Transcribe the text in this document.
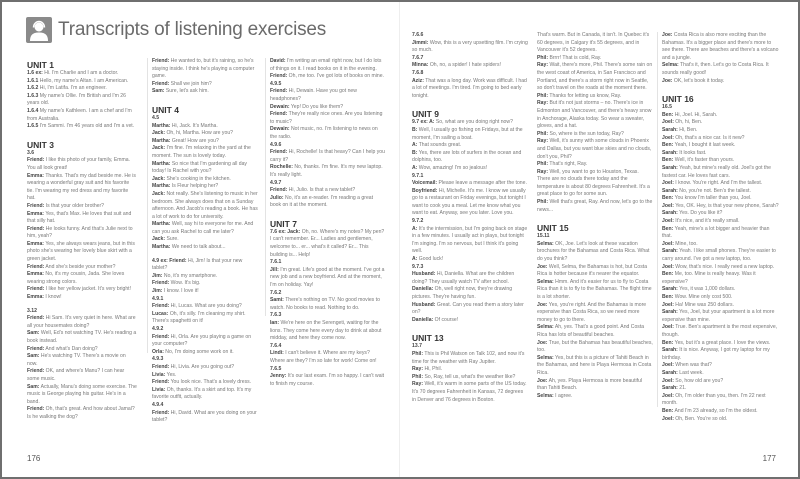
Transcripts of listening exercises
UNIT 1

1.6 ex: Hi. I'm Charlie and I am a doctor.

1.6.1 Hello, my name's Altan. I am American.

1.6.2 Hi, I'm Latifa. I'm an engineer.

1.6.3 My name's Ollie. I'm British and I'm 26 years old.

1.6.4 My name's Kathleen. I am a chef and I'm from Australia.

1.6.5 I'm Sammi. I'm 46 years old and I'm a vet.

UNIT 3

3.6

Friend: I like this photo of your family, Emma. You all look great!

Emma: Thanks. That's my dad beside me. He is wearing a wonderful gray suit and his favorite tie. I'm wearing my red dress and my favorite hat.

Friend: Is that your older brother?

Emma: Yes, that's Max. He loves that suit and that silly hat.

Friend: He looks funny. And that's Julie next to him, yeah?

Emma: Yes, she always wears jeans, but in this photo she's wearing her lovely blue skirt with a green jacket.

Friend: And she's beside your mother?

Emma: No, it's my cousin, Jada. She loves wearing strong colors.

Friend: I like her yellow jacket. It's very bright!

Emma: I know!

3.12

Friend: Hi Sam. It's very quiet in here. What are all your housemates doing?

Sam: Well, Ed's not watching TV. He's reading a book instead.

Friend: And what's Dan doing?

Sam: He's watching TV. There's a movie on now.

Friend: OK, and where's Manu? I can hear some music.

Sam: Actually, Manu's doing some exercise. The music is George playing his guitar. He's in a band.

Friend: Oh, that's great. And how about Jamal? Is he walking the dog?

Friend: He wanted to, but it's raining, so he's staying inside. I think he's playing a computer game.

Friend: Shall we join him?

Sam: Sure, let's ask him.

UNIT 4

4.5

Martha: Hi, Jack. It's Martha.

Jack: Oh, hi, Martha. How are you?

Martha: Great! How are you?

Jack: I'm fine. I'm relaxing in the yard at the moment. The sun is lovely today.

Martha: So nice that I'm gardening all day today! Is Rachel with you?

Jack: She's cooking in the kitchen.

Martha: Is Fleur helping her?

Jack: Not really. She's listening to music in her bedroom. She always does that on a Sunday afternoon. And Jacob's reading a book. He has a lot of work to do for university.

Martha: Well, say hi to everyone for me. And can you ask Rachel to call me later?

Jack: Sure.

Martha: We need to talk about...

4.9 ex: Friend: Hi, Jim! Is that your new tablet?

Jim: No, it's my smartphone.

Friend: Wow. It's big.

Jim: I know. I love it!

4.9.1

Friend: Hi, Lucas. What are you doing?

Lucas: Oh, it's silly. I'm cleaning my shirt. There's spaghetti on it!

4.9.2

Friend: Hi, Orla. Are you playing a game on your computer?

Orla: No, I'm doing some work on it.

4.9.3

Friend: Hi, Livia. Are you going out?

Livia: Yes.

Friend: You look nice. That's a lovely dress.

Livia: Oh, thanks. It's a skirt and top. It's my favorite outfit, actually.

4.9.4

Friend: Hi, David. What are you doing on your tablet?

David: I'm writing an email right now, but I do lots of things on it. I read books on it in the evening.

Friend: Oh, me too. I've got lots of books on mine.

4.9.5

Friend: Hi, Dewain. Have you got new headphones?

Dewain: Yep! Do you like them?

Friend: They're really nice ones. Are you listening to music?

Dewain: Not music, no. I'm listening to news on the radio.

4.9.6

Friend: Hi, Rochelle! Is that heavy? Can I help you carry it?

Rochelle: No, thanks. I'm fine. It's my new laptop. It's really light.

4.9.7

Friend: Hi, Julio. Is that a new tablet?

Julio: No, it's an e-reader. I'm reading a great book on it at the moment.

UNIT 7

7.6 ex: Jack: Oh, no. Where's my notes? My pen? I can't remember. Er... Ladies and gentlemen, welcome to... er... what's it called? Er... This building is... Help!

7.6.1

Jill: I'm great. Life's good at the moment. I've got a new job and a new boyfriend. And at the moment, I'm on holiday. Yay!

7.6.2

Sami: There's nothing on TV. No good movies to watch. No books to read. Nothing to do.

7.6.3

Ian: We're here on the Serengeti, waiting for the lions. They come here every day to drink at about midday, and here they come now.

7.6.4

Lindi: I can't believe it. Where are my keys? Where are they? I'm so late for work! Come on!

7.6.5

Jenny: It's our last exam. I'm so happy. I can't wait to finish my course.

176

7.6.6

Jimmi: Wow, this is a very upsetting film. I'm crying so much.

7.6.7

Minna: Oh, no, a spider! I hate spiders!

7.6.8

Aziz: That was a long day. Work was difficult. I had a lot of meetings. I'm tired. I'm going to bed early tonight.

UNIT 9

9.7 ex: A: So, what are you doing right now?

B: Well, I usually go fishing on Fridays, but at the moment, I'm sailing a boat.

A: That sounds great.

B: Yes, there are lots of surfers in the ocean and dolphins, too.

A: Wow, amazing! I'm so jealous!

9.7.1

Voicemail: Please leave a message after the tone.

Boyfriend: Hi, Michelle. It's me. I know we usually go to a restaurant on Friday evenings, but tonight I want to cook you a meal. Let me know what you want to eat. Anyway, see you later. Love you.

9.7.2

A: It's the intermission, but I'm going back on stage in a few minutes. I usually act in plays, but tonight I'm singing. I'm so nervous, but I think it's going well.

A: Good luck!

9.7.3

Husband: Hi, Daniella. What are the children doing? They usually watch TV after school.

Daniella: Oh, well right now, they're drawing pictures. They're having fun.

Husband: Great. Can you read them a story later on?

Daniella: Of course!

UNIT 13

13.7

Phil: This is Phil Watson on Talk 102, and now it's time for the weather with Ray Jupiter.

Ray: Hi, Phil.

Phil: So, Ray, tell us, what's the weather like?

Ray: Well, it's warm in some parts of the US today. It's 70 degrees Fahrenheit in Kansas, 72 degrees in Denver and 76 degrees in Boston.

That's warm. But in Canada, it isn't. In Quebec it's 60 degrees, in Calgary it's 55 degrees, and in Vancouver it's 52 degrees.

Phil: Brrrr! That is cold, Ray.

Ray: Wait, there's more, Phil. There's some rain on the west coast of America, in San Francisco and Portland, and there's a storm right now in Seattle, so don't travel on the roads at the moment there.

Phil: Thanks for letting us know, Ray.

Ray: But it's not just storms – no. There's ice in Edmonton and Vancouver, and there's heavy snow in Anchorage, Alaska today. So wear a sweater, gloves, and a hat.

Phil: So, where is the sun today, Ray?

Ray: Well, it's sunny with some clouds in Phoenix and Dallas, but you want blue skies and no clouds, don't you, Phil?

Phil: That's right, Ray.

Ray: Well, you want to go to Houston, Texas. There are no clouds there today and the temperature is about 80 degrees Fahrenheit. It's a great place to go for some sun.

Phil: Well that's great, Ray. And now, let's go to the news...

UNIT 15

15.11

Selma: OK, Joe. Let's look at these vacation brochures for the Bahamas and Costa Rica. What do you think?

Joe: Well, Selma, the Bahamas is hot, but Costa Rica is hotter because it's nearer the equator.

Selma: Hmm. And it's easier for us to fly to Costa Rica than it is to fly to the Bahamas. The flight time is a lot shorter.

Joe: Yes, you're right. And the Bahamas is more expensive than Costa Rica, so we need more money to go to there.

Selma: Ah, yes. That's a good point. And Costa Rica has lots of beautiful beaches.

Joe: True, but the Bahamas has beautiful beaches, too.

Selma: Yes, but this is a picture of Tahiti Beach in the Bahamas, and here is Playa Hermosa in Costa Rica.

Joe: Ah, yes. Playa Hermosa is more beautiful than Tahiti Beach.

Selma: I agree.

Joe: Costa Rica is also more exciting than the Bahamas. It's a bigger place and there's more to see there. There are beaches and there's a volcano and a jungle.

Selma: That's it, then. Let's go to Costa Rica. It sounds really good!

Joe: OK, let's book it today.

UNIT 16

16.5

Ben: Hi, Joel. Hi, Sarah.

Joel: Oh, hi, Ben.

Sarah: Hi, Ben.

Joel: Oh, that's a nice car. Is it new?

Ben: Yeah, I bought it last week.

Sarah: It looks fast.

Ben: Well, it's faster than yours.

Sarah: Yeah, but mine's really old. Joel's got the fastest car. He loves fast cars.

Joel: I know. You're right. And I'm the tallest.

Sarah: No, you're not. Ben's the tallest.

Ben: You know I'm taller than you, Joel.

Joel: Yes, OK. Hey, is that your new phone, Sarah?

Sarah: Yes. Do you like it?

Joel: It's nice, and it's really small.

Ben: Yeah, mine's a lot bigger and heavier than that.

Joel: Mine, too.

Sarah: Yeah. I like small phones. They're easier to carry around. I've got a new laptop, too.

Joel: Wow, that's nice. I really need a new laptop.

Ben: Me, too. Mine is really heavy. Was it expensive?

Sarah: Yes, it was 1,000 dollars.

Ben: Wow. Mine only cost 500.

Joel: Ha! Mine was 250 dollars.

Sarah: Yes, Joel, but your apartment is a lot more expensive than mine.

Joel: True. Ben's apartment is the most expensive, though.

Ben: Yes, but it's a great place. I love the views.

Sarah: It is nice. Anyway, I got my laptop for my birthday.

Joel: When was that?

Sarah: Last week.

Joel: So, how old are you?

Sarah: 21.

Joel: Oh, I'm older than you, then. I'm 22 next month.

Ben: And I'm 23 already, so I'm the oldest.

Joel: Oh, Ben. You're so old.

177
